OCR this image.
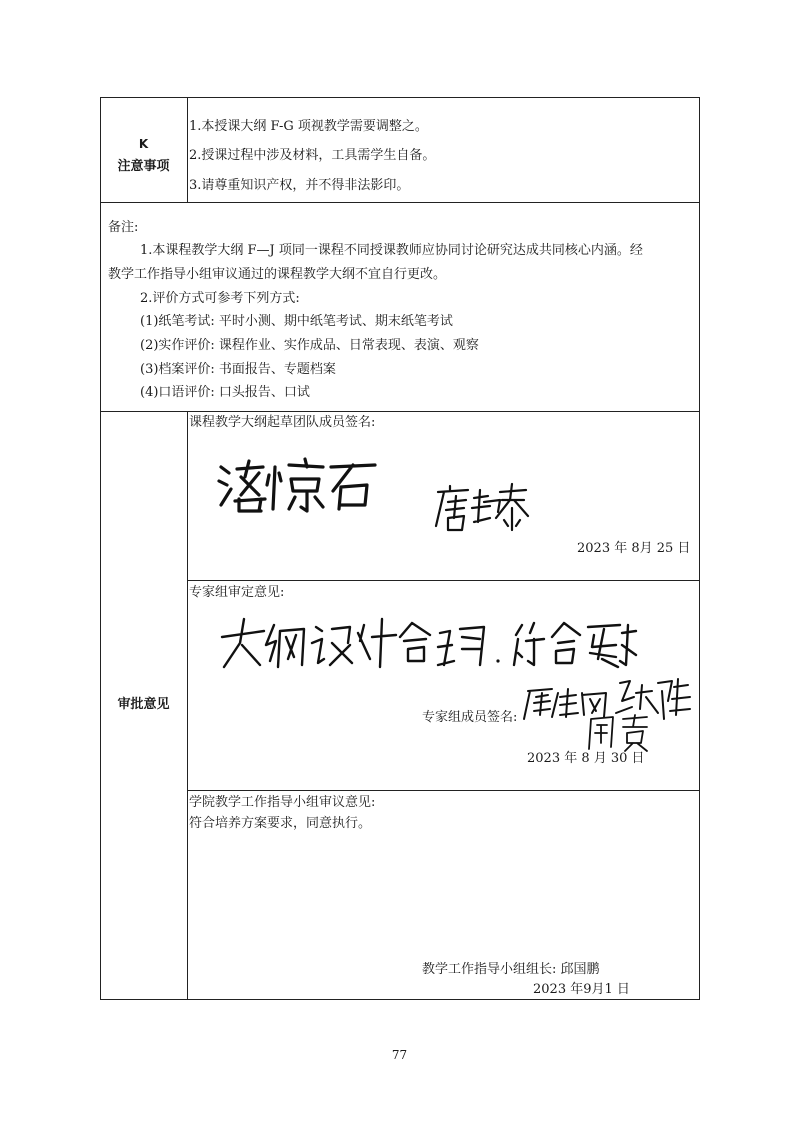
K
注意事项
1.本授课大纲 F-G 项视教学需要调整之。
2.授课过程中涉及材料，工具需学生自备。
3.请尊重知识产权，并不得非法影印。
备注:
1.本课程教学大纲 F—J 项同一课程不同授课教师应协同讨论研究达成共同核心内涵。经
教学工作指导小组审议通过的课程教学大纲不宜自行更改。
2.评价方式可参考下列方式:
(1)纸笔考试: 平时小测、期中纸笔考试、期末纸笔考试
(2)实作评价: 课程作业、实作成品、日常表现、表演、观察
(3)档案评价: 书面报告、专题档案
(4)口语评价: 口头报告、口试
审批意见
课程教学大纲起草团队成员签名:
2023 年 8月 25 日
专家组审定意见:
专家组成员签名:
2023 年 8 月 30 日
学院教学工作指导小组审议意见:
符合培养方案要求，同意执行。
教学工作指导小组组长: 邱国鹏
2023 年9月1 日
77
